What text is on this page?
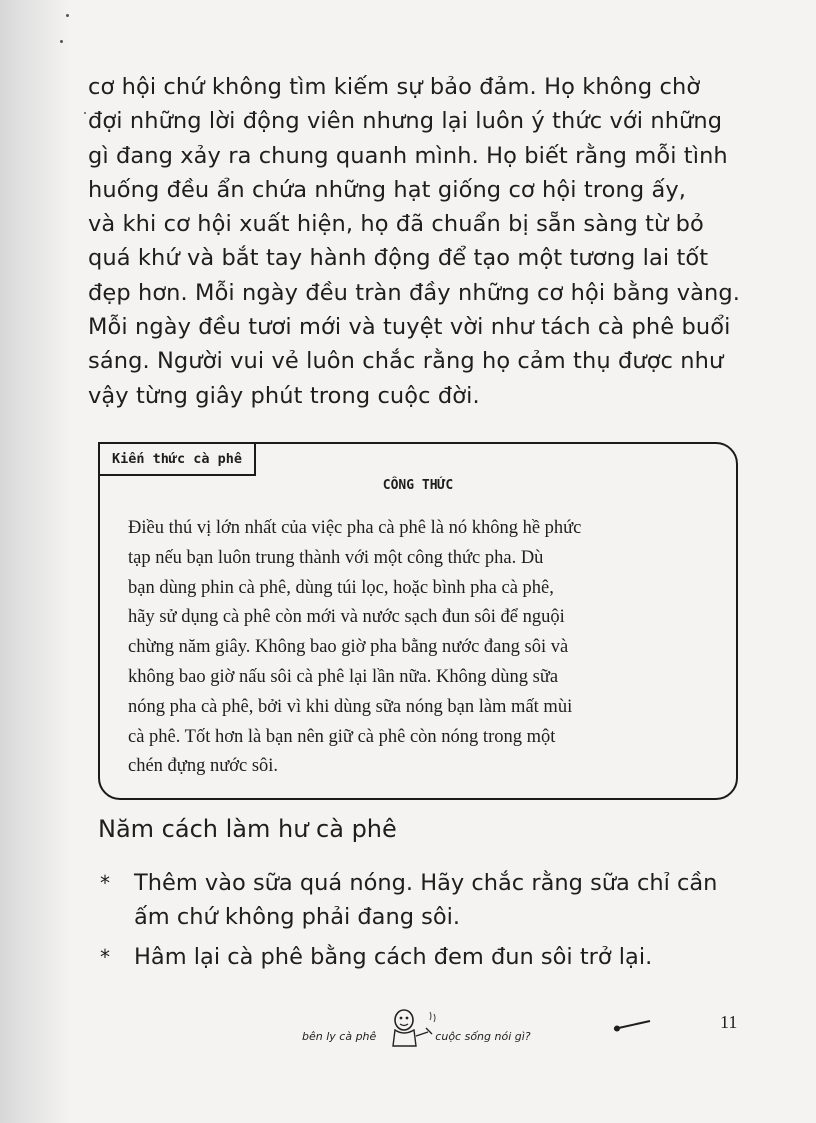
cơ hội chứ không tìm kiếm sự bảo đảm. Họ không chờ
đợi những lời động viên nhưng lại luôn ý thức với những
gì đang xảy ra chung quanh mình. Họ biết rằng mỗi tình
huống đều ẩn chứa những hạt giống cơ hội trong ấy,
và khi cơ hội xuất hiện, họ đã chuẩn bị sẵn sàng từ bỏ
quá khứ và bắt tay hành động để tạo một tương lai tốt
đẹp hơn. Mỗi ngày đều tràn đầy những cơ hội bằng vàng.
Mỗi ngày đều tươi mới và tuyệt vời như tách cà phê buổi
sáng. Người vui vẻ luôn chắc rằng họ cảm thụ được như
vậy từng giây phút trong cuộc đời.
Kiến thức cà phê
CÔNG THỨC
Điều thú vị lớn nhất của việc pha cà phê là nó không hề phức
tạp nếu bạn luôn trung thành với một công thức pha. Dù
bạn dùng phin cà phê, dùng túi lọc, hoặc bình pha cà phê,
hãy sử dụng cà phê còn mới và nước sạch đun sôi để nguội
chừng năm giây. Không bao giờ pha bằng nước đang sôi và
không bao giờ nấu sôi cà phê lại lần nữa. Không dùng sữa
nóng pha cà phê, bởi vì khi dùng sữa nóng bạn làm mất mùi
cà phê. Tốt hơn là bạn nên giữ cà phê còn nóng trong một
chén đựng nước sôi.
Năm cách làm hư cà phê
* Thêm vào sữa quá nóng. Hãy chắc rằng sữa chỉ cần
ấm chứ không phải đang sôi.
* Hâm lại cà phê bằng cách đem đun sôi trở lại.
bên ly cà phê	cuộc sống nói gì?
11
